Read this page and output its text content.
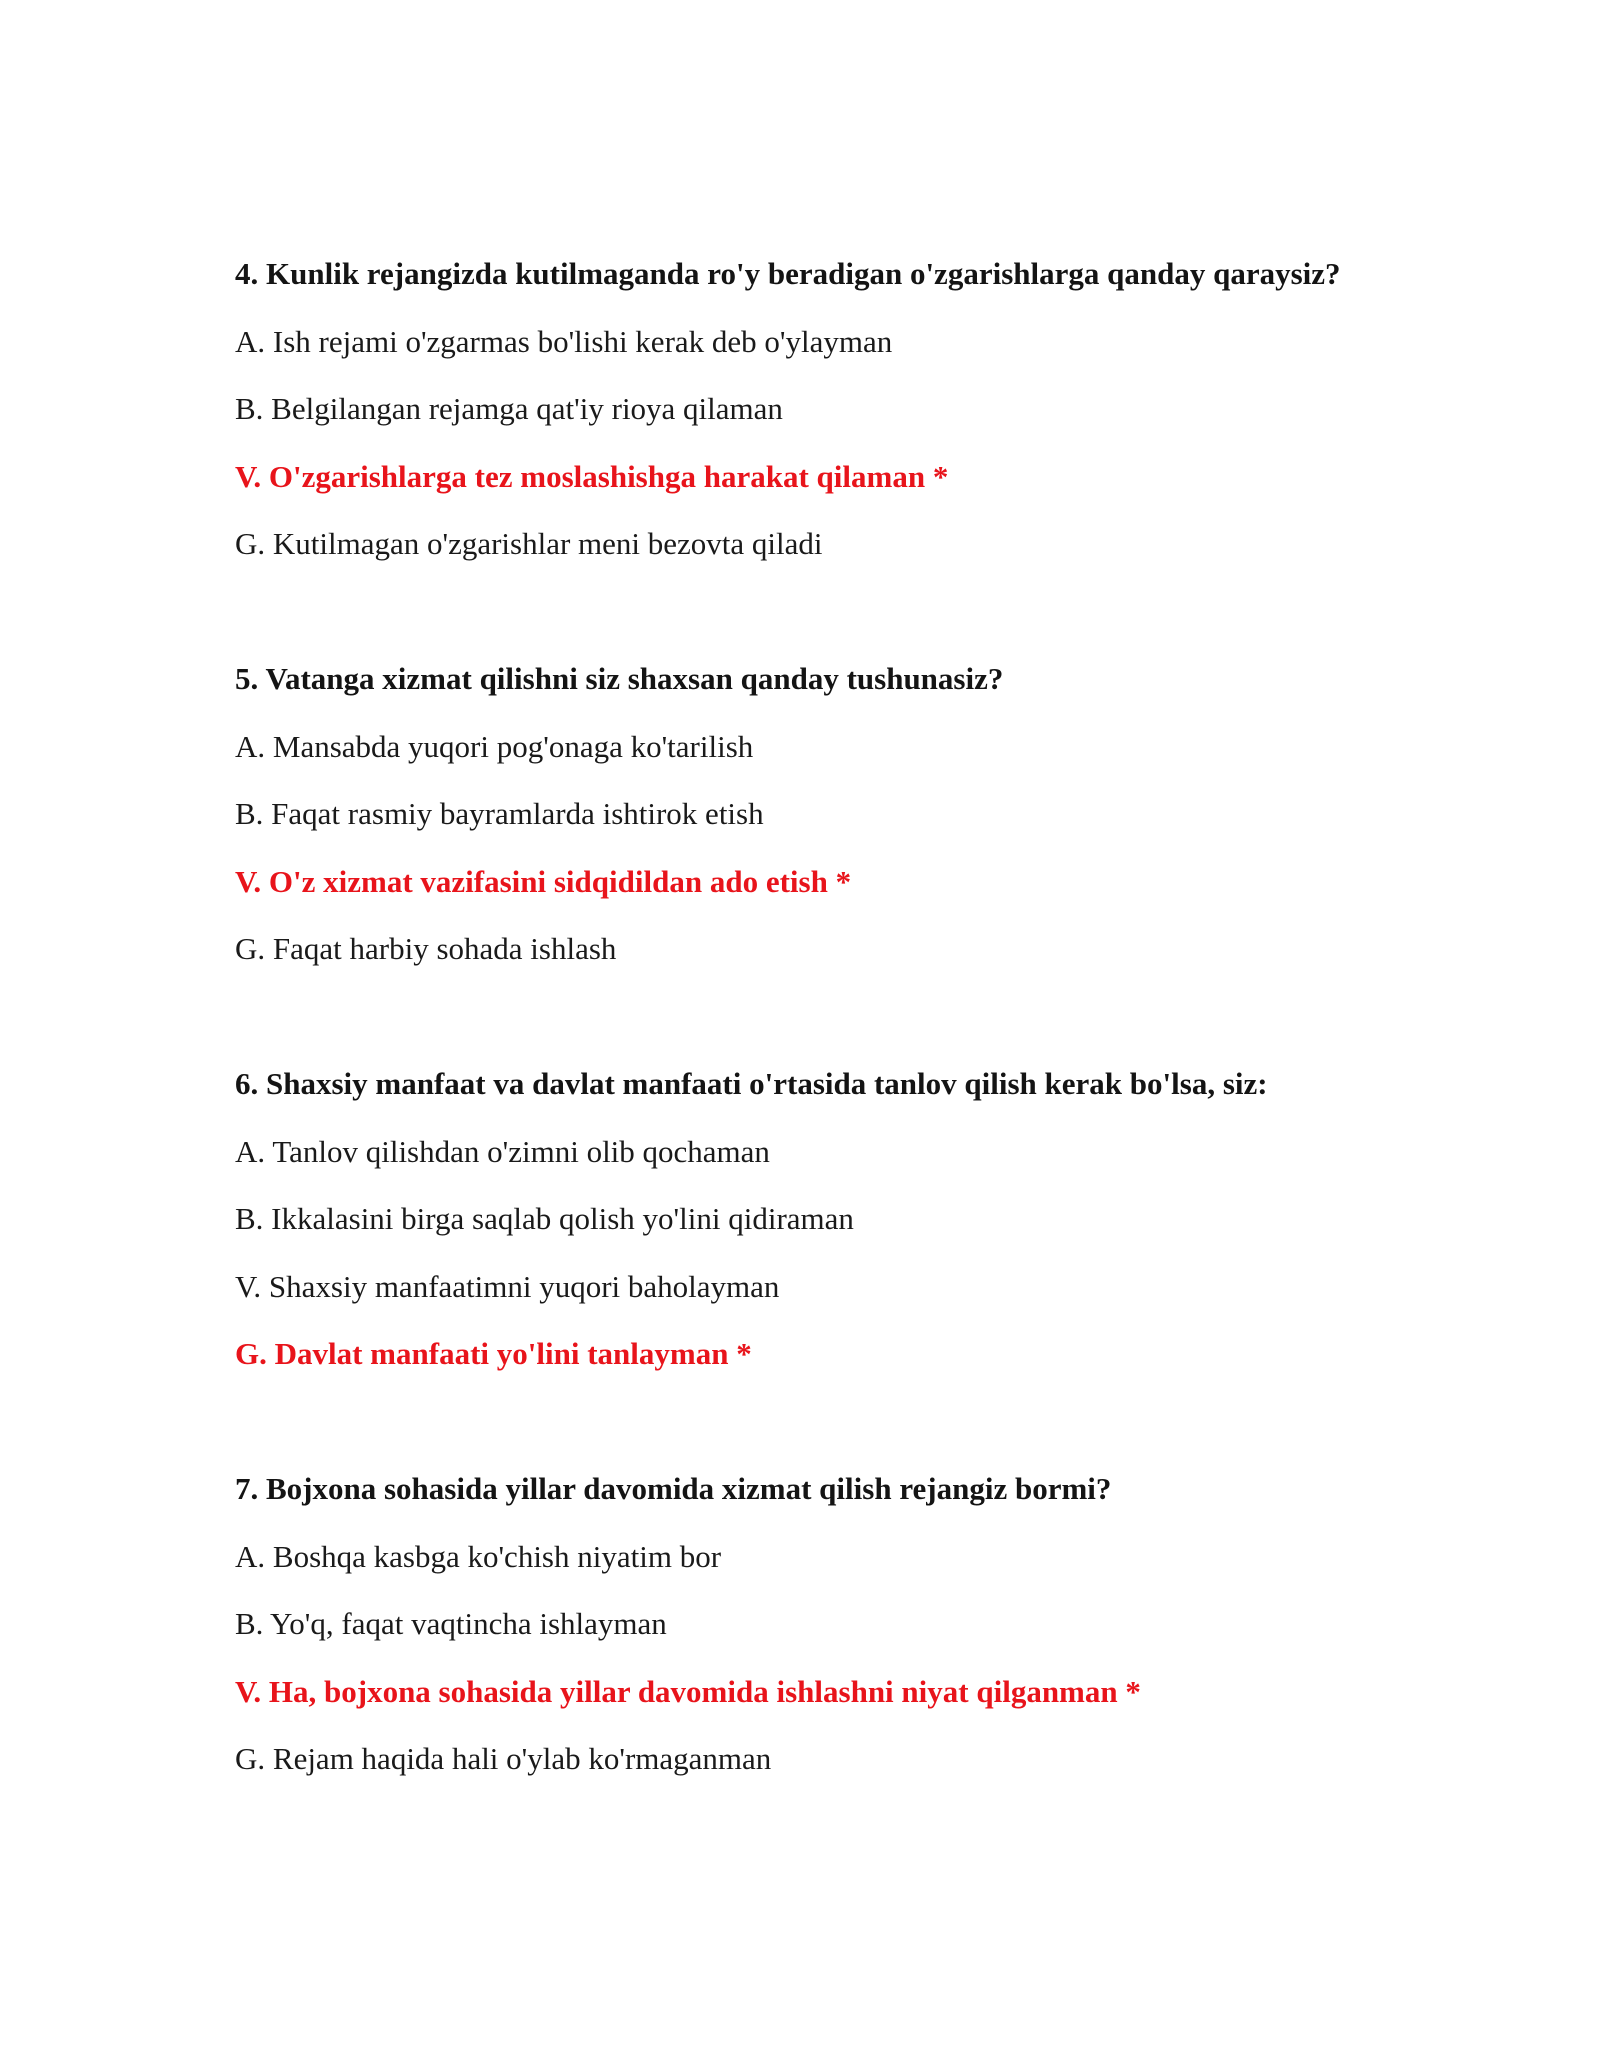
4. Kunlik rejangizda kutilmaganda ro'y beradigan o'zgarishlarga qanday qaraysiz?
A. Ish rejami o'zgarmas bo'lishi kerak deb o'ylayman
B. Belgilangan rejamga qat'iy rioya qilaman
V. O'zgarishlarga tez moslashishga harakat qilaman *
G. Kutilmagan o'zgarishlar meni bezovta qiladi
5. Vatanga xizmat qilishni siz shaxsan qanday tushunasiz?
A. Mansabda yuqori pog'onaga ko'tarilish
B. Faqat rasmiy bayramlarda ishtirok etish
V. O'z xizmat vazifasini sidqidildan ado etish *
G. Faqat harbiy sohada ishlash
6. Shaxsiy manfaat va davlat manfaati o'rtasida tanlov qilish kerak bo'lsa, siz:
A. Tanlov qilishdan o'zimni olib qochaman
B. Ikkalasini birga saqlab qolish yo'lini qidiraman
V. Shaxsiy manfaatimni yuqori baholayman
G. Davlat manfaati yo'lini tanlayman *
7. Bojxona sohasida yillar davomida xizmat qilish rejangiz bormi?
A. Boshqa kasbga ko'chish niyatim bor
B. Yo'q, faqat vaqtincha ishlayman
V. Ha, bojxona sohasida yillar davomida ishlashni niyat qilganman *
G. Rejam haqida hali o'ylab ko'rmaganman
